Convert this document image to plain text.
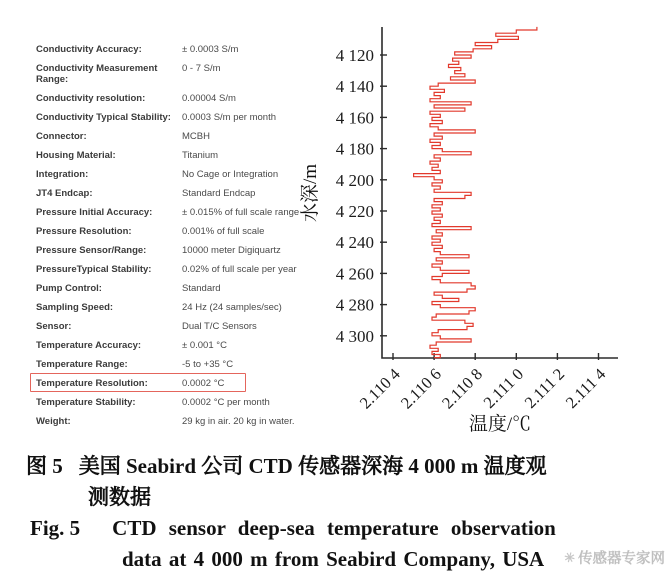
Conductivity Accuracy:	± 0.0003 S/m
Conductivity Measurement Range:
0 - 7 S/m
Conductivity resolution:	0.00004 S/m
Conductivity Typical Stability:	0.0003 S/m per month
Connector:	MCBH
Housing Material:	Titanium
Integration:	No Cage or Integration
JT4 Endcap:	Standard Endcap
Pressure Initial Accuracy:	± 0.015% of full scale range
Pressure Resolution:	0.001% of full scale
Pressure Sensor/Range:	10000 meter Digiquartz
PressureTypical Stability:	0.02% of full scale per year
Pump Control:	Standard
Sampling Speed:	24 Hz (24 samples/sec)
Sensor:	Dual T/C Sensors
Temperature Accuracy:	± 0.001 °C
Temperature Range:	-5 to +35 °C
Temperature Resolution:	0.0002 °C
Temperature Stability:	0.0002 °C per month
Weight:	29 kg in air. 20 kg in water.
4 120
4 140
4 160
4 180
4 200
4 220
4 240
4 260
4 280
4 300
2.110 4
2.110 6
2.110 8
2.111 0
2.111 2
2.111 4
水深/m
温度/℃
图 5 美国 Seabird 公司 CTD 传感器深海 4 000 m 温度观
测数据
Fig. 5 CTD sensor deep-sea temperature observation
data at 4 000 m from Seabird Company, USA	✳ 传感器专家网
